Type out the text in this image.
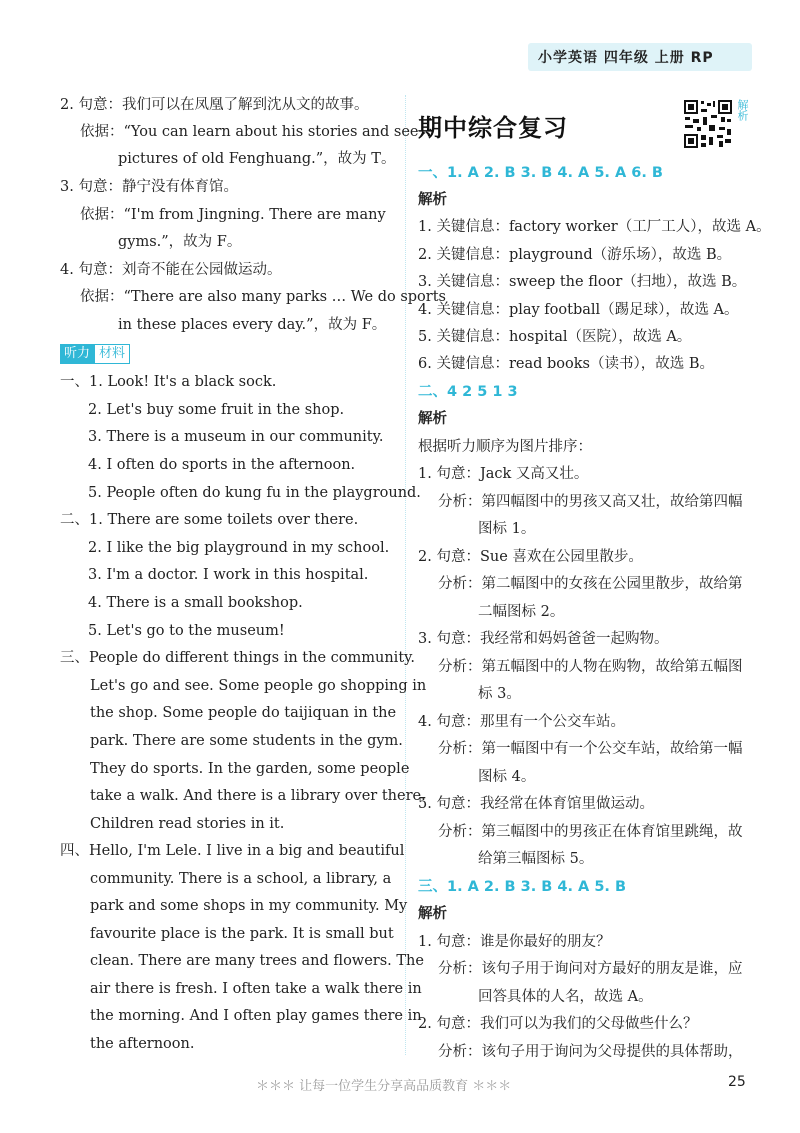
小学英语 四年级 上册 RP
2. 句意：我们可以在凤凰了解到沈从文的故事。
依据：“You can learn about his stories and see
pictures of old Fenghuang.”，故为 T。
3. 句意：静宁没有体育馆。
依据：“I'm from Jingning. There are many
gyms.”，故为 F。
4. 句意：刘奇不能在公园做运动。
依据：“There are also many parks … We do sports
in these places every day.”，故为 F。
听力 材料
一、1. Look! It's a black sock.
2. Let's buy some fruit in the shop.
3. There is a museum in our community.
4. I often do sports in the afternoon.
5. People often do kung fu in the playground.
二、1. There are some toilets over there.
2. I like the big playground in my school.
3. I'm a doctor. I work in this hospital.
4. There is a small bookshop.
5. Let's go to the museum!
三、People do different things in the community.
Let's go and see. Some people go shopping in
the shop. Some people do taijiquan in the
park. There are some students in the gym.
They do sports. In the garden, some people
take a walk. And there is a library over there.
Children read stories in it.
四、Hello, I'm Lele. I live in a big and beautiful
community. There is a school, a library, a
park and some shops in my community. My
favourite place is the park. It is small but
clean. There are many trees and flowers. The
air there is fresh. I often take a walk there in
the morning. And I often play games there in
the afternoon.
期中综合复习
解析
一、1. A 2. B 3. B 4. A 5. A 6. B
解析
1. 关键信息：factory worker（工厂工人），故选 A。
2. 关键信息：playground（游乐场），故选 B。
3. 关键信息：sweep the floor（扫地），故选 B。
4. 关键信息：play football（踢足球），故选 A。
5. 关键信息：hospital（医院），故选 A。
6. 关键信息：read books（读书），故选 B。
二、4 2 5 1 3
解析
根据听力顺序为图片排序：
1. 句意：Jack 又高又壮。
分析：第四幅图中的男孩又高又壮，故给第四幅
图标 1。
2. 句意：Sue 喜欢在公园里散步。
分析：第二幅图中的女孩在公园里散步，故给第
二幅图标 2。
3. 句意：我经常和妈妈爸爸一起购物。
分析：第五幅图中的人物在购物，故给第五幅图
标 3。
4. 句意：那里有一个公交车站。
分析：第一幅图中有一个公交车站，故给第一幅
图标 4。
5. 句意：我经常在体育馆里做运动。
分析：第三幅图中的男孩正在体育馆里跳绳，故
给第三幅图标 5。
三、1. A 2. B 3. B 4. A 5. B
解析
1. 句意：谁是你最好的朋友？
分析：该句子用于询问对方最好的朋友是谁，应
回答具体的人名，故选 A。
2. 句意：我们可以为我们的父母做些什么？
分析：该句子用于询问为父母提供的具体帮助，
＊＊＊ 让每一位学生分享高品质教育 ＊＊＊	25
